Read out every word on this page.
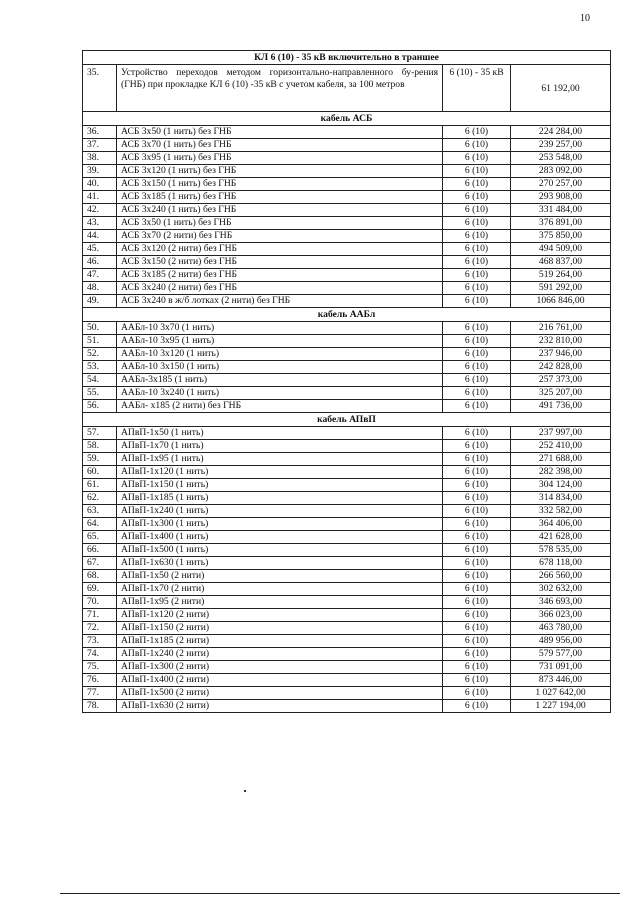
10
КЛ 6 (10) - 35 кВ включительно в траншее			
35.	Устройство переходов методом горизонтально-направленного бу-рения (ГНБ) при прокладке КЛ 6 (10) -35 кВ с учетом кабеля, за 100 метров	6 (10) - 35 кВ	61 192,00
кабель АСБ			
36.	АСБ 3х50 (1 нить) без ГНБ	6 (10)	224 284,00
37.	АСБ 3х70 (1 нить) без ГНБ	6 (10)	239 257,00
38.	АСБ 3х95 (1 нить) без ГНБ	6 (10)	253 548,00
39.	АСБ 3х120 (1 нить) без ГНБ	6 (10)	283 092,00
40.	АСБ 3х150 (1 нить) без ГНБ	6 (10)	270 257,00
41.	АСБ 3х185 (1 нить) без ГНБ	6 (10)	293 908,00
42.	АСБ 3х240 (1 нить) без ГНБ	6 (10)	331 484,00
43.	АСБ 3х50 (1 нить) без ГНБ	6 (10)	376 891,00
44.	АСБ 3х70 (2 нити) без ГНБ	6 (10)	375 850,00
45.	АСБ 3х120 (2 нити) без ГНБ	6 (10)	494 509,00
46.	АСБ 3х150 (2 нити) без ГНБ	6 (10)	468 837,00
47.	АСБ 3х185 (2 нити) без ГНБ	6 (10)	519 264,00
48.	АСБ 3х240 (2 нити) без ГНБ	6 (10)	591 292,00
49.	АСБ 3х240 в ж/б лотках (2 нити) без ГНБ	6 (10)	1066 846,00
кабель ААБл			
50.	ААБл-10 3х70 (1 нить)	6 (10)	216 761,00
51.	ААБл-10 3х95 (1 нить)	6 (10)	232 810,00
52.	ААБл-10 3х120 (1 нить)	6 (10)	237 946,00
53.	ААБл-10 3х150 (1 нить)	6 (10)	242 828,00
54.	ААБл-3х185 (1 нить)	6 (10)	257 373,00
55.	ААБл-10 3х240 (1 нить)	6 (10)	325 207,00
56.	ААБл- х185 (2 нити) без ГНБ	6 (10)	491 736,00
кабель АПвП			
57.	АПвП-1х50 (1 нить)	6 (10)	237 997,00
58.	АПвП-1х70 (1 нить)	6 (10)	252 410,00
59.	АПвП-1х95 (1 нить)	6 (10)	271 688,00
60.	АПвП-1х120 (1 нить)	6 (10)	282 398,00
61.	АПвП-1х150 (1 нить)	6 (10)	304 124,00
62.	АПвП-1х185 (1 нить)	6 (10)	314 834,00
63.	АПвП-1х240 (1 нить)	6 (10)	332 582,00
64.	АПвП-1х300 (1 нить)	6 (10)	364 406,00
65.	АПвП-1х400 (1 нить)	6 (10)	421 628,00
66.	АПвП-1х500 (1 нить)	6 (10)	578 535,00
67.	АПвП-1х630 (1 нить)	6 (10)	678 118,00
68.	АПвП-1х50 (2 нити)	6 (10)	266 560,00
69.	АПвП-1х70 (2 нити)	6 (10)	302 632,00
70.	АПвП-1х95 (2 нити)	6 (10)	346 693,00
71.	АПвП-1х120 (2 нити)	6 (10)	366 023,00
72.	АПвП-1х150 (2 нити)	6 (10)	463 780,00
73.	АПвП-1х185 (2 нити)	6 (10)	489 956,00
74.	АПвП-1х240 (2 нити)	6 (10)	579 577,00
75.	АПвП-1х300 (2 нити)	6 (10)	731 091,00
76.	АПвП-1х400 (2 нити)	6 (10)	873 446,00
77.	АПвП-1х500 (2 нити)	6 (10)	1 027 642,00
78.	АПвП-1х630 (2 нити)	6 (10)	1 227 194,00
